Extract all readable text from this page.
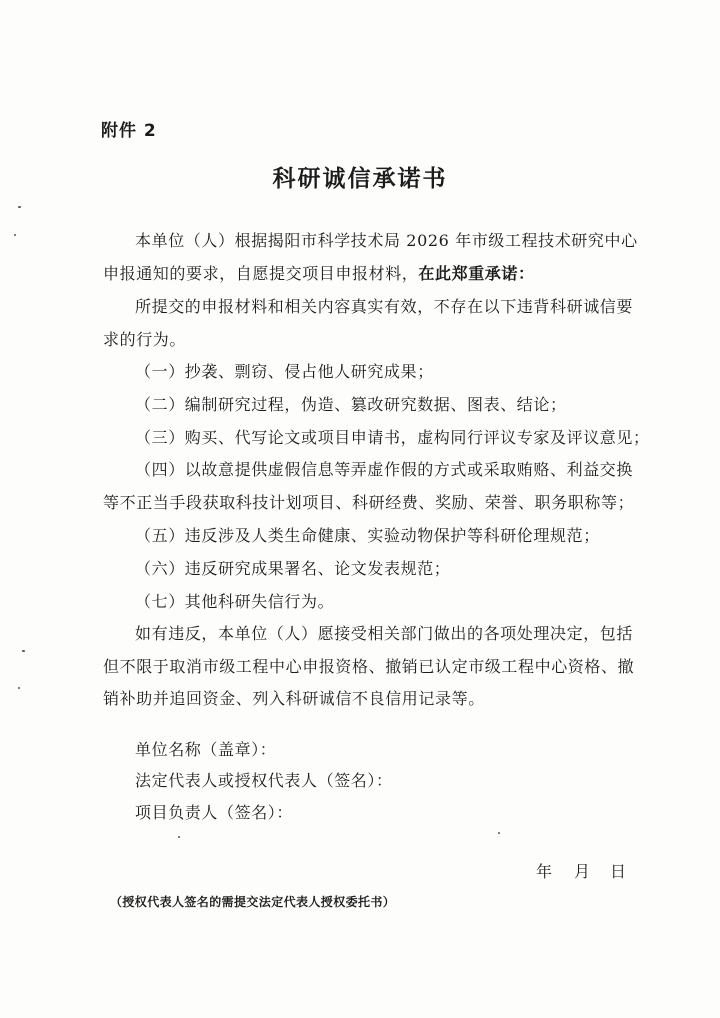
附件 2
科研诚信承诺书
本单位（人）根据揭阳市科学技术局 2026 年市级工程技术研究中心
申报通知的要求，自愿提交项目申报材料，在此郑重承诺：
所提交的申报材料和相关内容真实有效，不存在以下违背科研诚信要
求的行为。
（一）抄袭、剽窃、侵占他人研究成果；
（二）编制研究过程，伪造、篡改研究数据、图表、结论；
（三）购买、代写论文或项目申请书，虚构同行评议专家及评议意见；
（四）以故意提供虚假信息等弄虚作假的方式或采取贿赂、利益交换
等不正当手段获取科技计划项目、科研经费、奖励、荣誉、职务职称等；
（五）违反涉及人类生命健康、实验动物保护等科研伦理规范；
（六）违反研究成果署名、论文发表规范；
（七）其他科研失信行为。
如有违反，本单位（人）愿接受相关部门做出的各项处理决定，包括
但不限于取消市级工程中心申报资格、撤销已认定市级工程中心资格、撤
销补助并追回资金、列入科研诚信不良信用记录等。
单位名称（盖章）：
法定代表人或授权代表人（签名）：
项目负责人（签名）：
年 月 日
（授权代表人签名的需提交法定代表人授权委托书）
